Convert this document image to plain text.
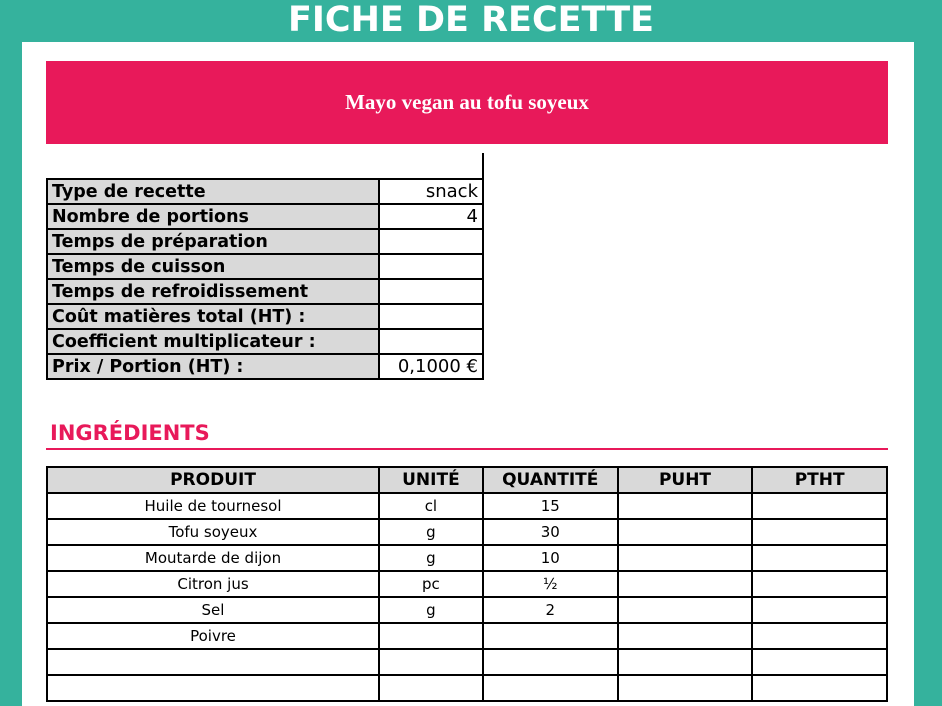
FICHE DE RECETTE
Mayo vegan au tofu soyeux
Type de recette	snack
Nombre de portions	4
Temps de préparation	
Temps de cuisson	
Temps de refroidissement	
Coût matières total (HT) :	
Coefficient multiplicateur :	
Prix / Portion (HT) :	0,1000 €
INGRÉDIENTS
PRODUIT	UNITÉ	QUANTITÉ	PUHT	PTHT
Huile de tournesol	cl	15		
Tofu soyeux	g	30		
Moutarde de dijon	g	10		
Citron jus	pc	½		
Sel	g	2		
Poivre				
